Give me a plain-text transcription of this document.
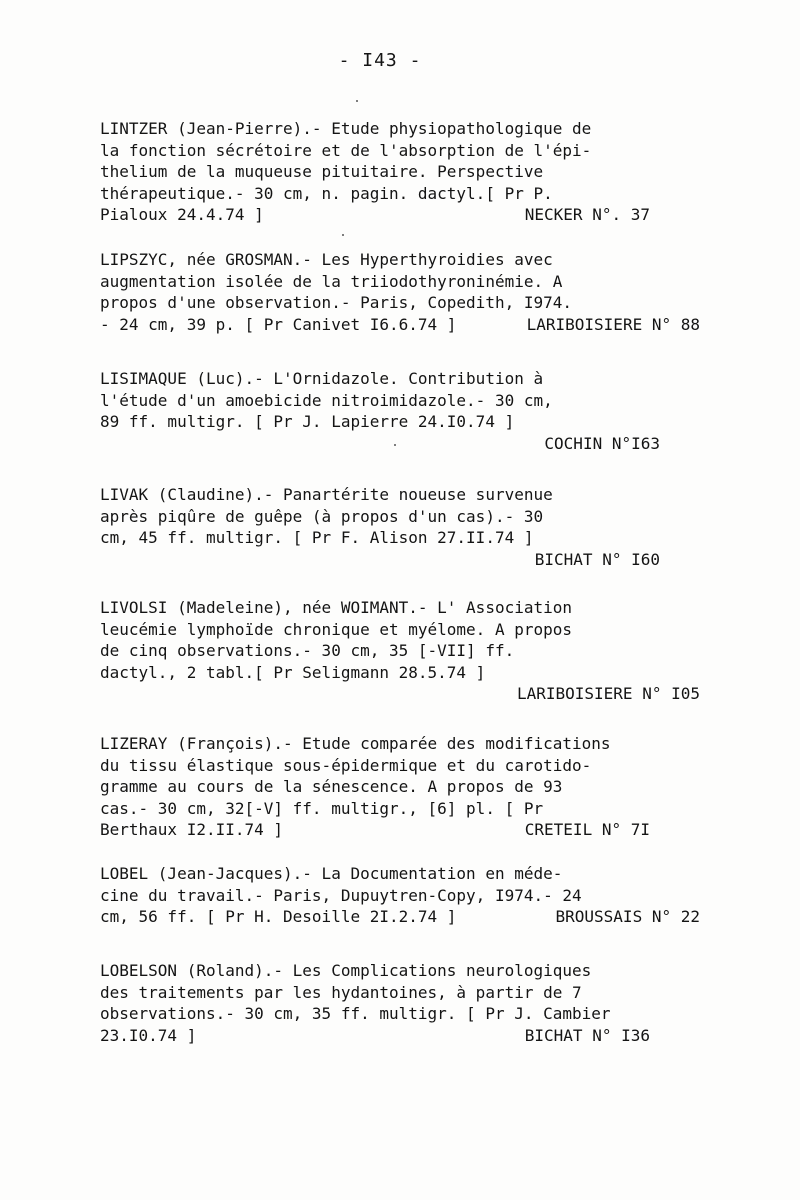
- I43 -
LINTZER (Jean-Pierre).- Etude physiopathologique de
la fonction sécrétoire et de l'absorption de l'épi-
thelium de la muqueuse pituitaire. Perspective
thérapeutique.- 30 cm, n. pagin. dactyl.[ Pr P.
Pialoux 24.4.74 ]	NECKER N°. 37
LIPSZYC, née GROSMAN.- Les Hyperthyroidies avec
augmentation isolée de la triiodothyroninémie. A
propos d'une observation.- Paris, Copedith, I974.
- 24 cm, 39 p. [ Pr Canivet I6.6.74 ]	LARIBOISIERE N° 88
LISIMAQUE (Luc).- L'Ornidazole. Contribution à
l'étude d'un amoebicide nitroimidazole.- 30 cm,
89 ff. multigr. [ Pr J. Lapierre 24.I0.74 ]
COCHIN N°I63
LIVAK (Claudine).- Panartérite noueuse survenue
après piqûre de guêpe (à propos d'un cas).- 30
cm, 45 ff. multigr. [ Pr F. Alison 27.II.74 ]
BICHAT N° I60
LIVOLSI (Madeleine), née WOIMANT.- L' Association
leucémie lymphoïde chronique et myélome. A propos
de cinq observations.- 30 cm, 35 [-VII] ff.
dactyl., 2 tabl.[ Pr Seligmann 28.5.74 ]
LARIBOISIERE N° I05
LIZERAY (François).- Etude comparée des modifications
du tissu élastique sous-épidermique et du carotido-
gramme au cours de la sénescence. A propos de 93
cas.- 30 cm, 32[-V] ff. multigr., [6] pl. [ Pr
Berthaux I2.II.74 ]	CRETEIL N° 7I
LOBEL (Jean-Jacques).- La Documentation en méde-
cine du travail.- Paris, Dupuytren-Copy, I974.- 24
cm, 56 ff. [ Pr H. Desoille 2I.2.74 ]	BROUSSAIS N° 22
LOBELSON (Roland).- Les Complications neurologiques
des traitements par les hydantoines, à partir de 7
observations.- 30 cm, 35 ff. multigr. [ Pr J. Cambier
23.I0.74 ]	BICHAT N° I36
